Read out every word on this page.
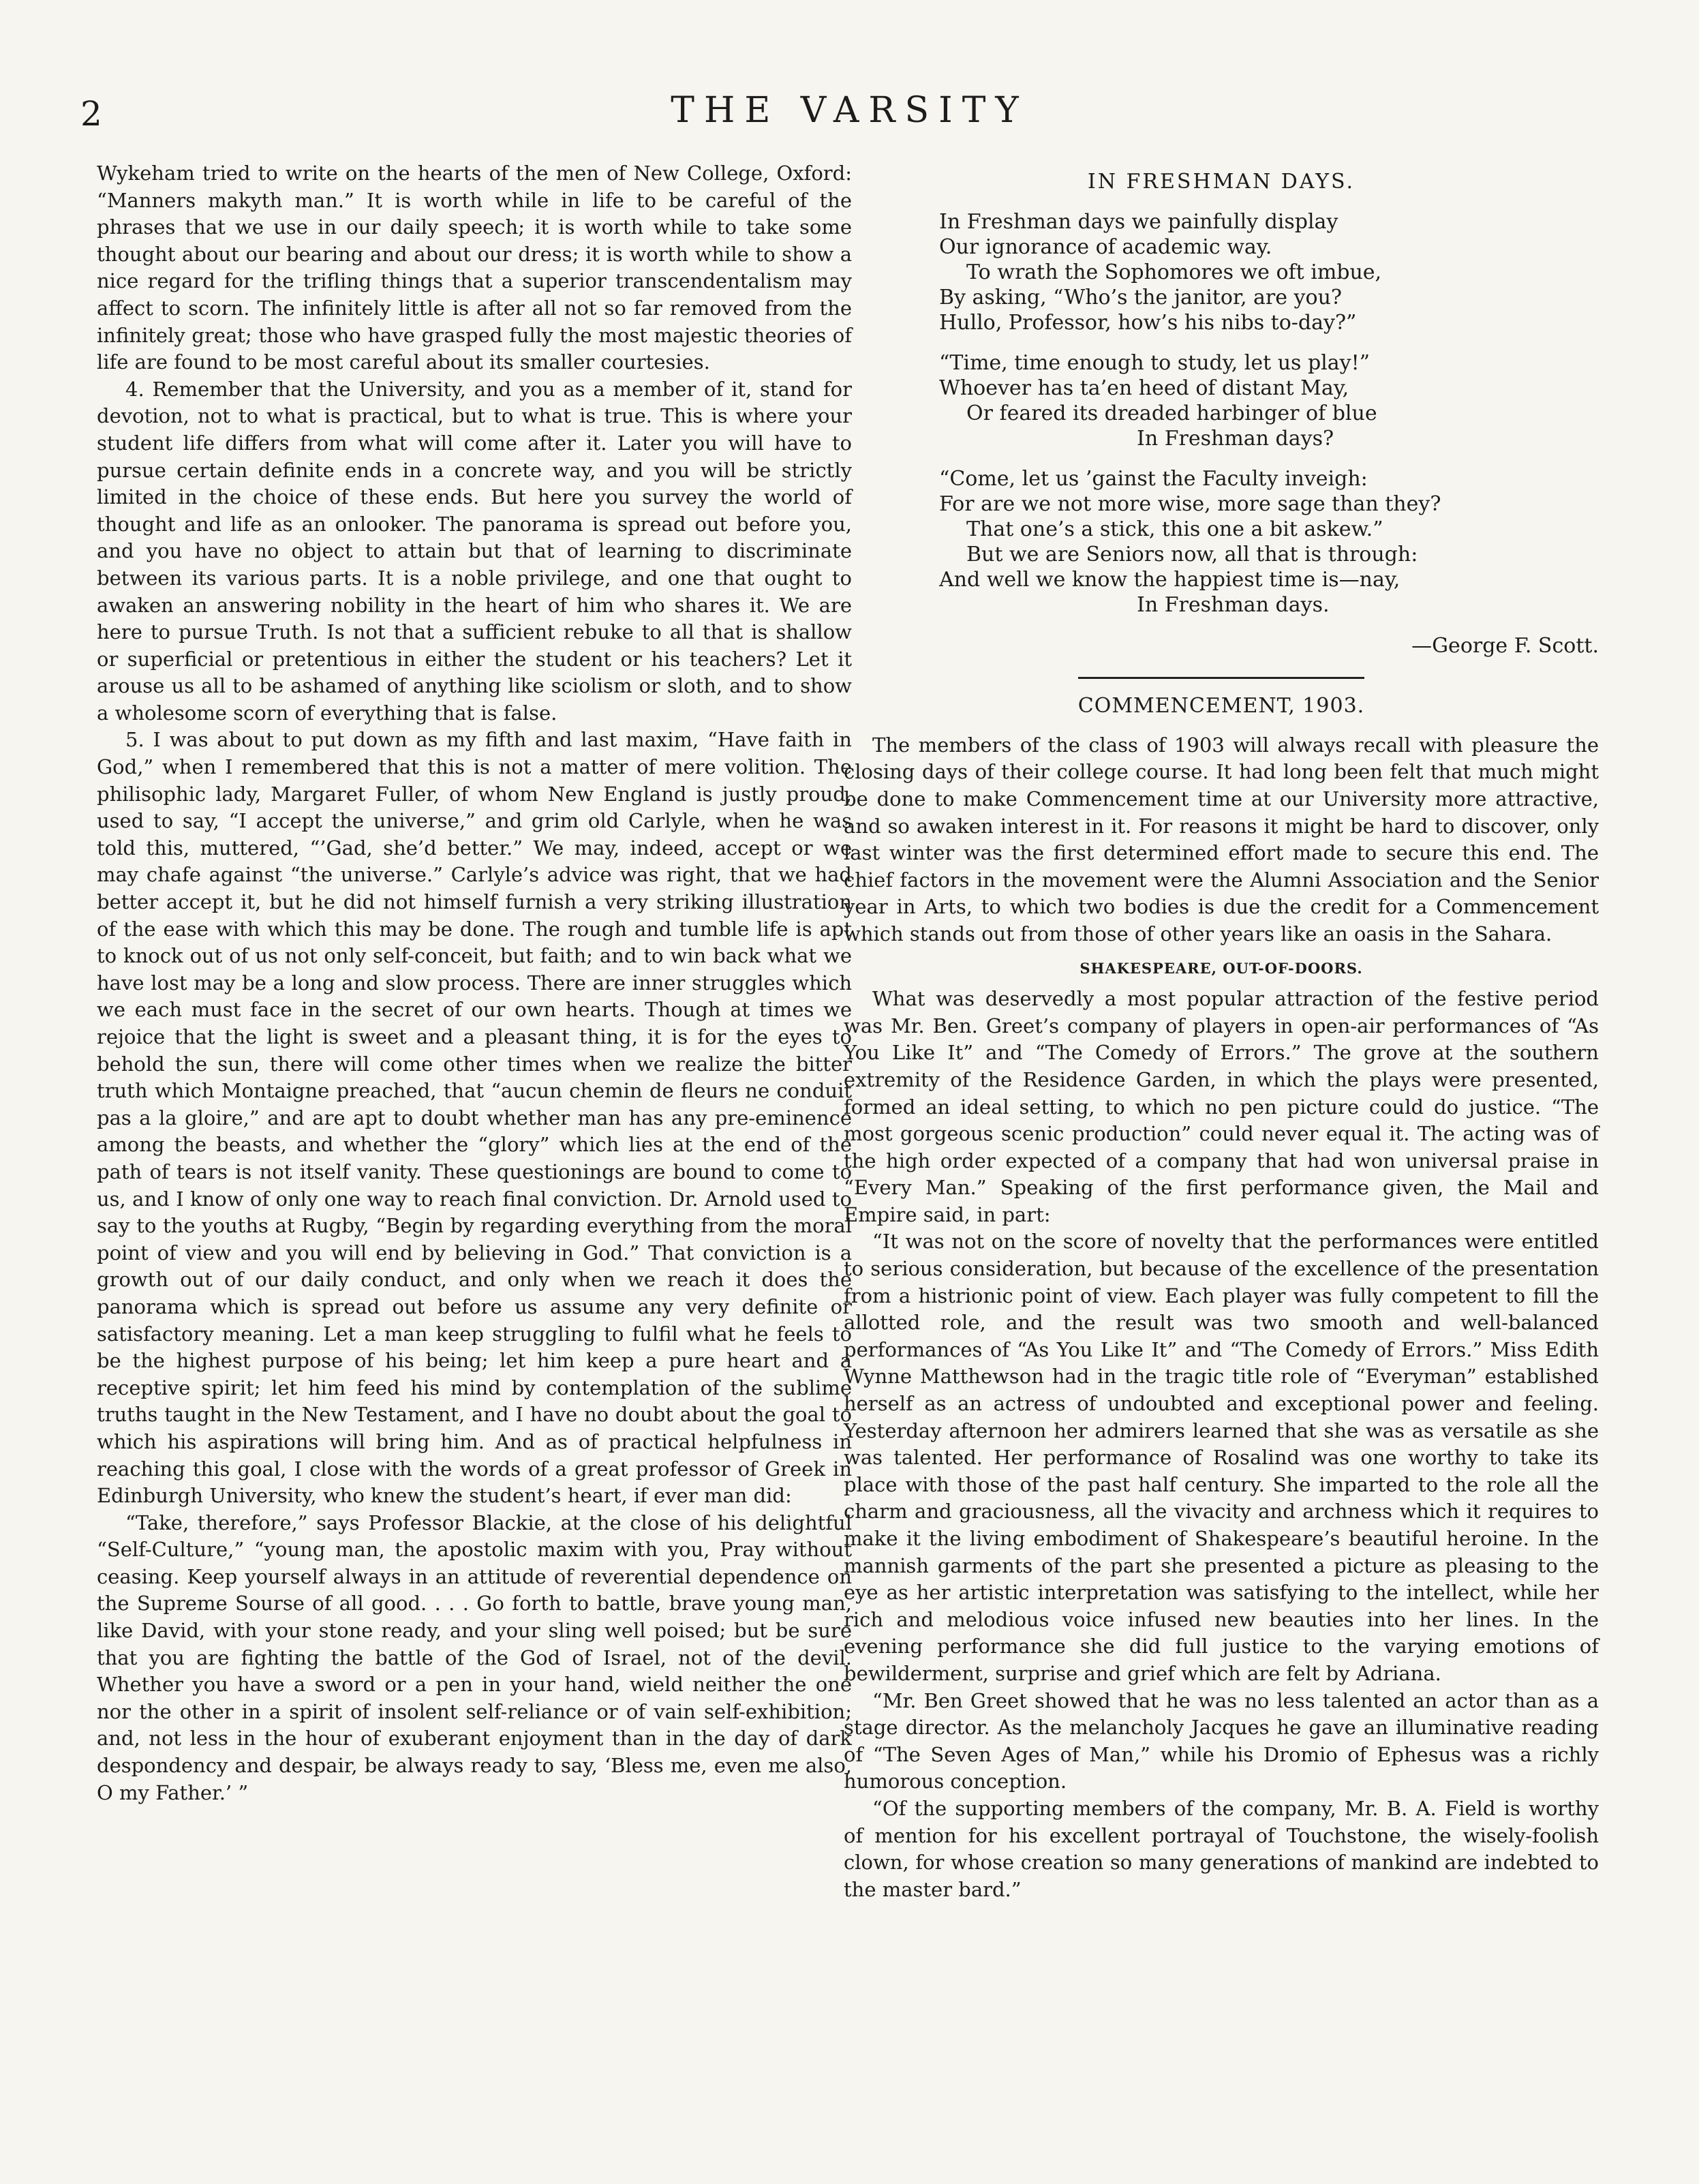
2	THE VARSITY

Wykeham tried to write on the hearts of the men of New College, Oxford: “Manners makyth man.” It is worth while in life to be careful of the phrases that we use in our daily speech; it is worth while to take some thought about our bearing and about our dress; it is worth while to show a nice regard for the trifling things that a superior transcendentalism may affect to scorn. The infinitely little is after all not so far removed from the infinitely great; those who have grasped fully the most majestic theories of life are found to be most careful about its smaller courtesies.

4. Remember that the University, and you as a member of it, stand for devotion, not to what is practical, but to what is true. This is where your student life differs from what will come after it. Later you will have to pursue certain definite ends in a concrete way, and you will be strictly limited in the choice of these ends. But here you survey the world of thought and life as an onlooker. The panorama is spread out before you, and you have no object to attain but that of learning to discriminate between its various parts. It is a noble privilege, and one that ought to awaken an answering nobility in the heart of him who shares it. We are here to pursue Truth. Is not that a sufficient rebuke to all that is shallow or superficial or pretentious in either the student or his teachers? Let it arouse us all to be ashamed of anything like sciolism or sloth, and to show a wholesome scorn of everything that is false.

5. I was about to put down as my fifth and last maxim, “Have faith in God,” when I remembered that this is not a matter of mere volition. The philisophic lady, Margaret Fuller, of whom New England is justly proud, used to say, “I accept the universe,” and grim old Carlyle, when he was told this, muttered, “’Gad, she’d better.” We may, indeed, accept or we may chafe against “the universe.” Carlyle’s advice was right, that we had better accept it, but he did not himself furnish a very striking illustration of the ease with which this may be done. The rough and tumble life is apt to knock out of us not only self-conceit, but faith; and to win back what we have lost may be a long and slow process. There are inner struggles which we each must face in the secret of our own hearts. Though at times we rejoice that the light is sweet and a pleasant thing, it is for the eyes to behold the sun, there will come other times when we realize the bitter truth which Montaigne preached, that “aucun chemin de fleurs ne conduit pas a la gloire,” and are apt to doubt whether man has any pre-eminence among the beasts, and whether the “glory” which lies at the end of the path of tears is not itself vanity. These questionings are bound to come to us, and I know of only one way to reach final conviction. Dr. Arnold used to say to the youths at Rugby, “Begin by regarding everything from the moral point of view and you will end by believing in God.” That conviction is a growth out of our daily conduct, and only when we reach it does the panorama which is spread out before us assume any very definite or satisfactory meaning. Let a man keep struggling to fulfil what he feels to be the highest purpose of his being; let him keep a pure heart and a receptive spirit; let him feed his mind by contemplation of the sublime truths taught in the New Testament, and I have no doubt about the goal to which his aspirations will bring him. And as of practical helpfulness in reaching this goal, I close with the words of a great professor of Greek in Edinburgh University, who knew the student’s heart, if ever man did:

“Take, therefore,” says Professor Blackie, at the close of his delightful “Self-Culture,” “young man, the apostolic maxim with you, Pray without ceasing. Keep yourself always in an attitude of reverential dependence on the Supreme Sourse of all good. . . . Go forth to battle, brave young man, like David, with your stone ready, and your sling well poised; but be sure that you are fighting the battle of the God of Israel, not of the devil. Whether you have a sword or a pen in your hand, wield neither the one nor the other in a spirit of insolent self-reliance or of vain self-exhibition; and, not less in the hour of exuberant enjoyment than in the day of dark despondency and despair, be always ready to say, ‘Bless me, even me also, O my Father.’ ”

IN FRESHMAN DAYS.
In Freshman days we painfully display
Our ignorance of academic way.
To wrath the Sophomores we oft imbue,
By asking, “Who’s the janitor, are you?
Hullo, Professor, how’s his nibs to-day?”
“Time, time enough to study, let us play!”
Whoever has ta’en heed of distant May,
Or feared its dreaded harbinger of blue
In Freshman days?
“Come, let us ’gainst the Faculty inveigh:
For are we not more wise, more sage than they?
That one’s a stick, this one a bit askew.”
But we are Seniors now, all that is through:
And well we know the happiest time is—nay,
In Freshman days.

—George F. Scott.

COMMENCEMENT, 1903.

The members of the class of 1903 will always recall with pleasure the closing days of their college course. It had long been felt that much might be done to make Commencement time at our University more attractive, and so awaken interest in it. For reasons it might be hard to discover, only last winter was the first determined effort made to secure this end. The chief factors in the movement were the Alumni Association and the Senior year in Arts, to which two bodies is due the credit for a Commencement which stands out from those of other years like an oasis in the Sahara.

SHAKESPEARE, OUT-OF-DOORS.

What was deservedly a most popular attraction of the festive period was Mr. Ben. Greet’s company of players in open-air performances of “As You Like It” and “The Comedy of Errors.” The grove at the southern extremity of the Residence Garden, in which the plays were presented, formed an ideal setting, to which no pen picture could do justice. “The most gorgeous scenic production” could never equal it. The acting was of the high order expected of a company that had won universal praise in “Every Man.” Speaking of the first performance given, the Mail and Empire said, in part:

“It was not on the score of novelty that the performances were entitled to serious consideration, but because of the excellence of the presentation from a histrionic point of view. Each player was fully competent to fill the allotted role, and the result was two smooth and well-balanced performances of “As You Like It” and “The Comedy of Errors.” Miss Edith Wynne Matthewson had in the tragic title role of “Everyman” established herself as an actress of undoubted and exceptional power and feeling. Yesterday afternoon her admirers learned that she was as versatile as she was talented. Her performance of Rosalind was one worthy to take its place with those of the past half century. She imparted to the role all the charm and graciousness, all the vivacity and archness which it requires to make it the living embodiment of Shakespeare’s beautiful heroine. In the mannish garments of the part she presented a picture as pleasing to the eye as her artistic interpretation was satisfying to the intellect, while her rich and melodious voice infused new beauties into her lines. In the evening performance she did full justice to the varying emotions of bewilderment, surprise and grief which are felt by Adriana.

“Mr. Ben Greet showed that he was no less talented an actor than as a stage director. As the melancholy Jacques he gave an illuminative reading of “The Seven Ages of Man,” while his Dromio of Ephesus was a richly humorous conception.

“Of the supporting members of the company, Mr. B. A. Field is worthy of mention for his excellent portrayal of Touchstone, the wisely-foolish clown, for whose creation so many generations of mankind are indebted to the master bard.”
